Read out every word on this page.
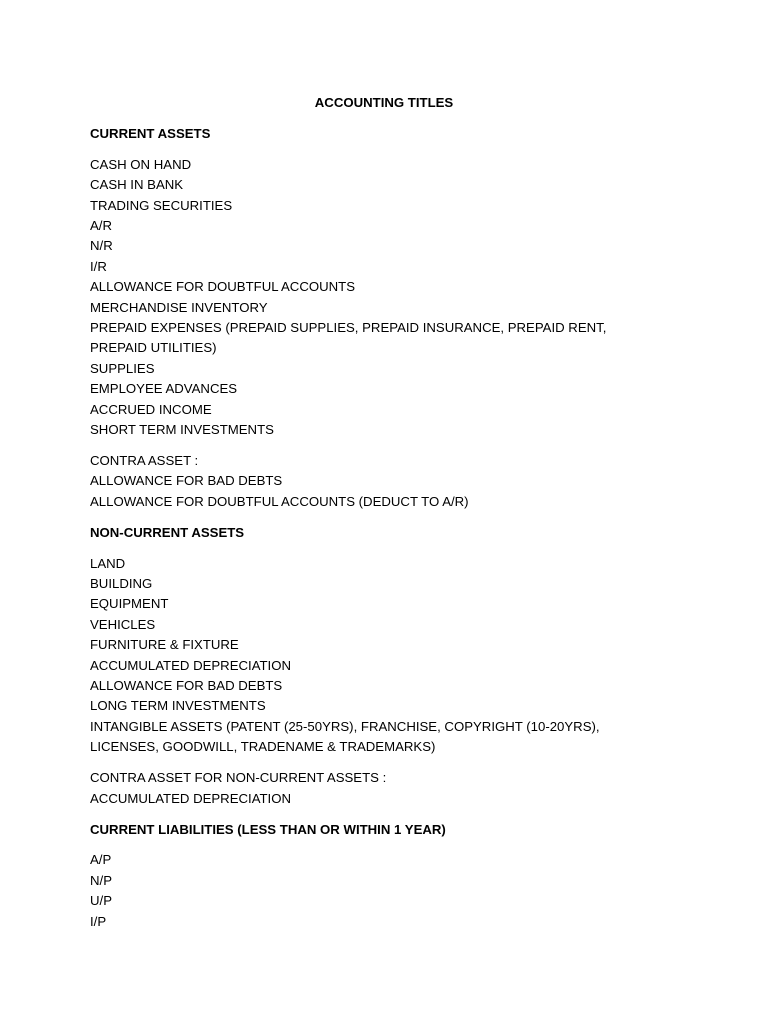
ACCOUNTING TITLES
CURRENT ASSETS
CASH ON HAND
CASH IN BANK
TRADING SECURITIES
A/R
N/R
I/R
ALLOWANCE FOR DOUBTFUL ACCOUNTS
MERCHANDISE INVENTORY
PREPAID EXPENSES (PREPAID SUPPLIES, PREPAID INSURANCE, PREPAID RENT, PREPAID UTILITIES)
SUPPLIES
EMPLOYEE ADVANCES
ACCRUED INCOME
SHORT TERM INVESTMENTS
CONTRA ASSET :
ALLOWANCE FOR BAD DEBTS
ALLOWANCE FOR DOUBTFUL ACCOUNTS (DEDUCT TO A/R)
NON-CURRENT ASSETS
LAND
BUILDING
EQUIPMENT
VEHICLES
FURNITURE & FIXTURE
ACCUMULATED DEPRECIATION
ALLOWANCE FOR BAD DEBTS
LONG TERM INVESTMENTS
INTANGIBLE ASSETS (PATENT (25-50YRS), FRANCHISE, COPYRIGHT (10-20YRS), LICENSES, GOODWILL, TRADENAME & TRADEMARKS)
CONTRA ASSET FOR NON-CURRENT ASSETS :
ACCUMULATED DEPRECIATION
CURRENT LIABILITIES (LESS THAN OR WITHIN 1 YEAR)
A/P
N/P
U/P
I/P
